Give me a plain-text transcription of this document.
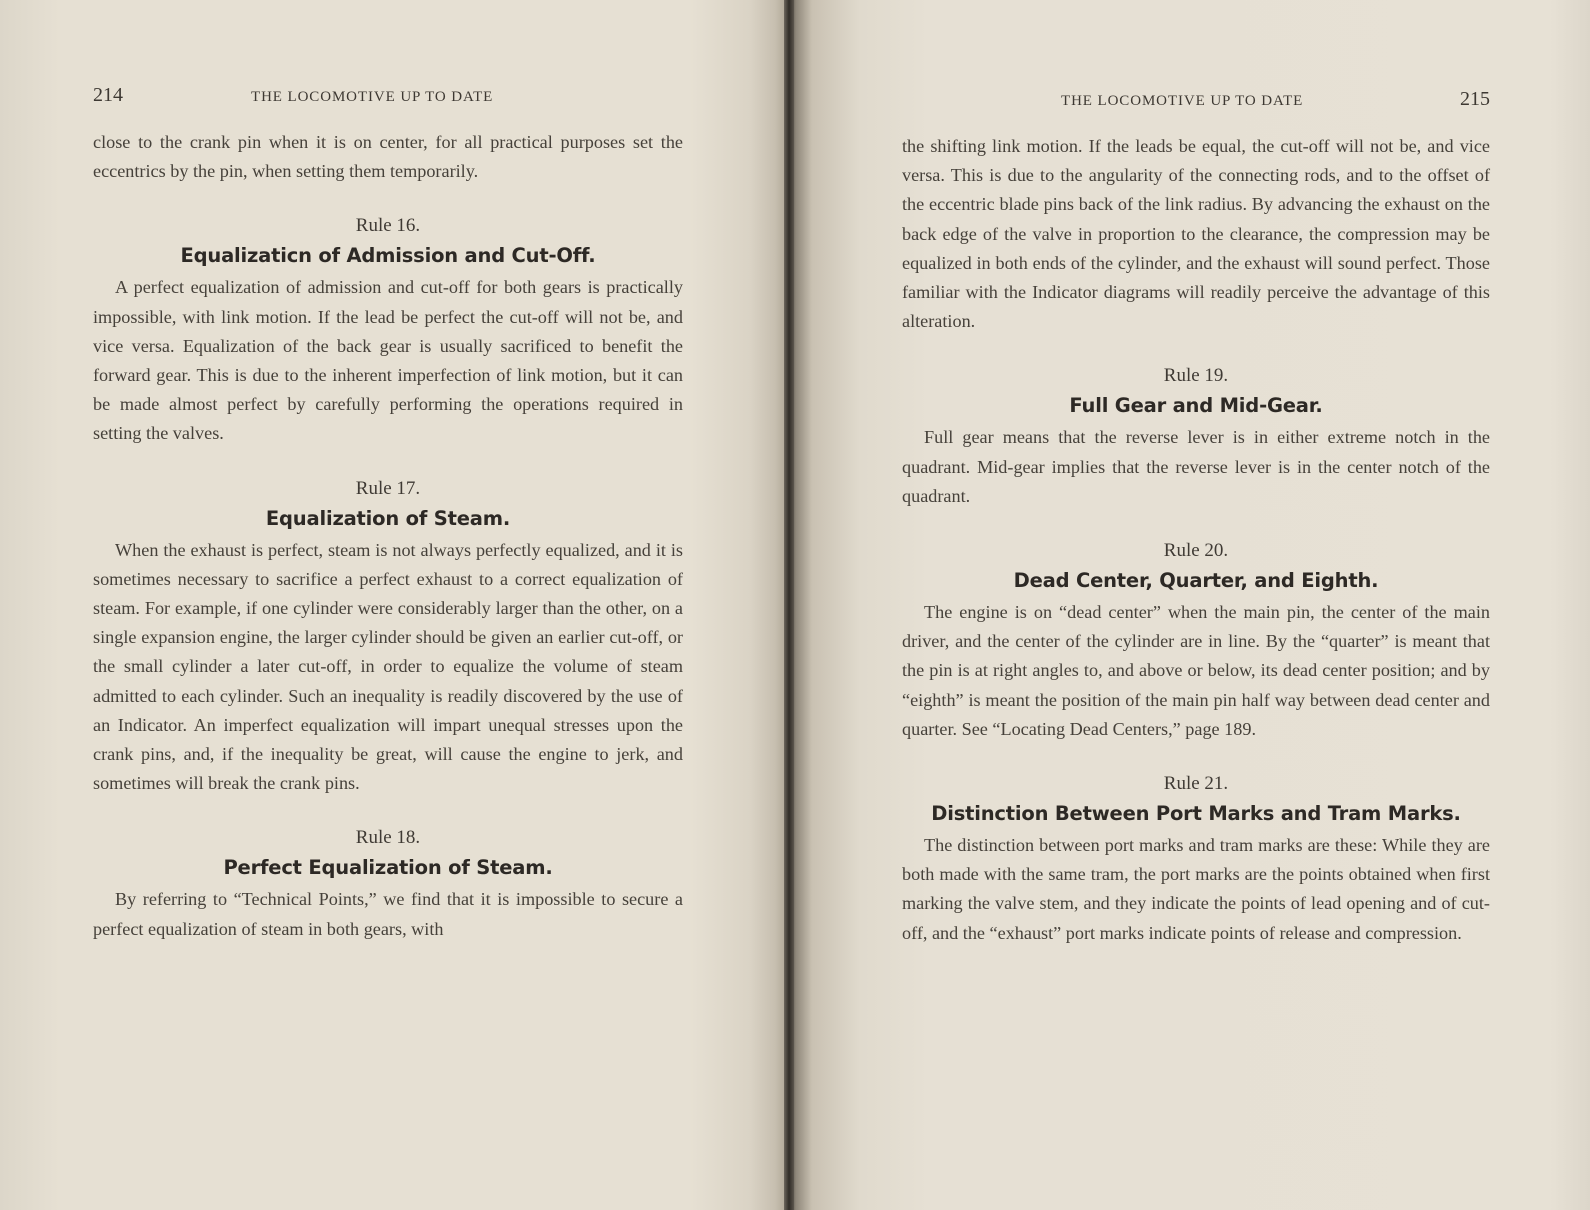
214	THE LOCOMOTIVE UP TO DATE

close to the crank pin when it is on center, for all practical purposes set the eccentrics by the pin, when setting them temporarily.

Rule 16.
Equalizaticn of Admission and Cut-Off.

A perfect equalization of admission and cut-off for both gears is practically impossible, with link motion. If the lead be perfect the cut-off will not be, and vice versa. Equalization of the back gear is usually sacrificed to benefit the forward gear. This is due to the inherent imperfection of link motion, but it can be made almost perfect by carefully performing the operations required in setting the valves.

Rule 17.
Equalization of Steam.

When the exhaust is perfect, steam is not always perfectly equalized, and it is sometimes necessary to sacrifice a perfect exhaust to a correct equalization of steam. For example, if one cylinder were considerably larger than the other, on a single expansion engine, the larger cylinder should be given an earlier cut-off, or the small cylinder a later cut-off, in order to equalize the volume of steam admitted to each cylinder. Such an inequality is readily discovered by the use of an Indicator. An imperfect equalization will impart unequal stresses upon the crank pins, and, if the inequality be great, will cause the engine to jerk, and sometimes will break the crank pins.

Rule 18.
Perfect Equalization of Steam.

By referring to “Technical Points,” we find that it is impossible to secure a perfect equalization of steam in both gears, with

THE LOCOMOTIVE UP TO DATE	215

the shifting link motion. If the leads be equal, the cut-off will not be, and vice versa. This is due to the angularity of the connecting rods, and to the offset of the eccentric blade pins back of the link radius. By advancing the exhaust on the back edge of the valve in proportion to the clearance, the compression may be equalized in both ends of the cylinder, and the exhaust will sound perfect. Those familiar with the Indicator diagrams will readily perceive the advantage of this alteration.

Rule 19.
Full Gear and Mid-Gear.

Full gear means that the reverse lever is in either extreme notch in the quadrant. Mid-gear implies that the reverse lever is in the center notch of the quadrant.

Rule 20.
Dead Center, Quarter, and Eighth.

The engine is on “dead center” when the main pin, the center of the main driver, and the center of the cylinder are in line. By the “quarter” is meant that the pin is at right angles to, and above or below, its dead center position; and by “eighth” is meant the position of the main pin half way between dead center and quarter. See “Locating Dead Centers,” page 189.

Rule 21.
Distinction Between Port Marks and Tram Marks.

The distinction between port marks and tram marks are these: While they are both made with the same tram, the port marks are the points obtained when first marking the valve stem, and they indicate the points of lead opening and of cut-off, and the “exhaust” port marks indicate points of release and compression.
